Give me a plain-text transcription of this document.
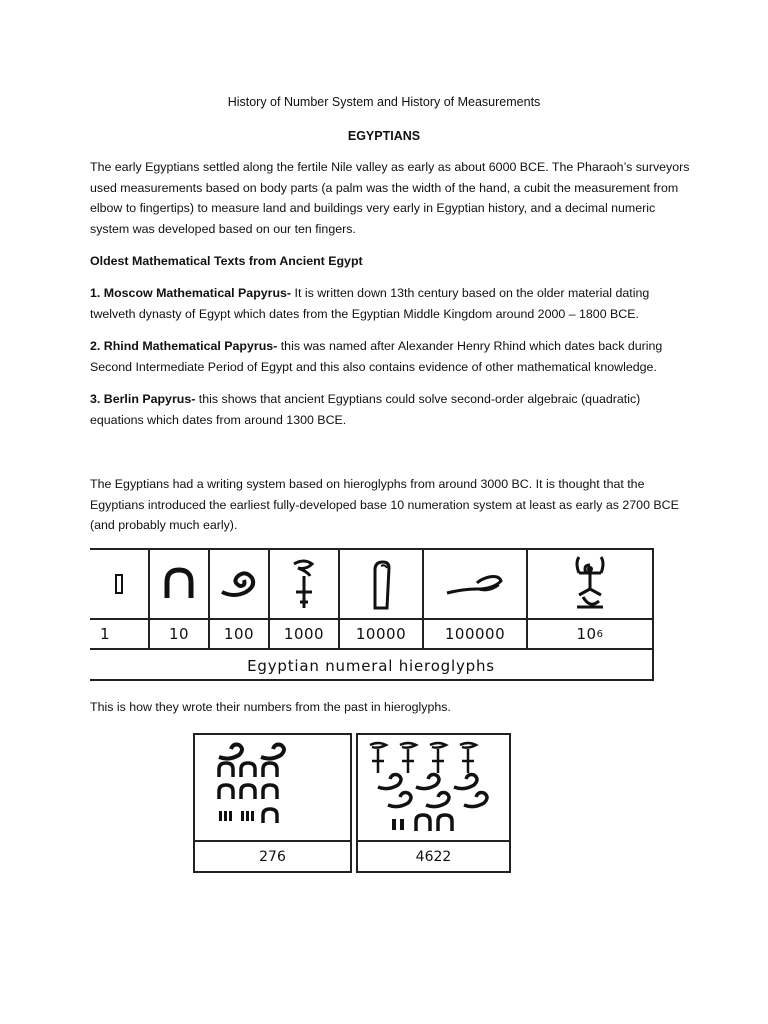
History of Number System and History of Measurements
EGYPTIANS

The early Egyptians settled along the fertile Nile valley as early as about 6000 BCE. The Pharaoh’s surveyors used measurements based on body parts (a palm was the width of the hand, a cubit the measurement from elbow to fingertips) to measure land and buildings very early in Egyptian history, and a decimal numeric system was developed based on our ten fingers.

Oldest Mathematical Texts from Ancient Egypt

1. Moscow Mathematical Papyrus- It is written down 13th century based on the older material dating twelveth dynasty of Egypt which dates from the Egyptian Middle Kingdom around 2000 – 1800 BCE.

2. Rhind Mathematical Papyrus- this was named after Alexander Henry Rhind which dates back during Second Intermediate Period of Egypt and this also contains evidence of other mathematical knowledge.

3. Berlin Papyrus- this shows that ancient Egyptians could solve second-order algebraic (quadratic) equations which dates from around 1300 BCE.

The Egyptians had a writing system based on hieroglyphs from around 3000 BC. It is thought that the Egyptians introduced the earliest fully-developed base 10 numeration system at least as early as 2700 BCE (and probably much early).

1	10	100	1000	10000	100000	10 6
Egyptian numeral hieroglyphs

This is how they wrote their numbers from the past in hieroglyphs.

276	4622
